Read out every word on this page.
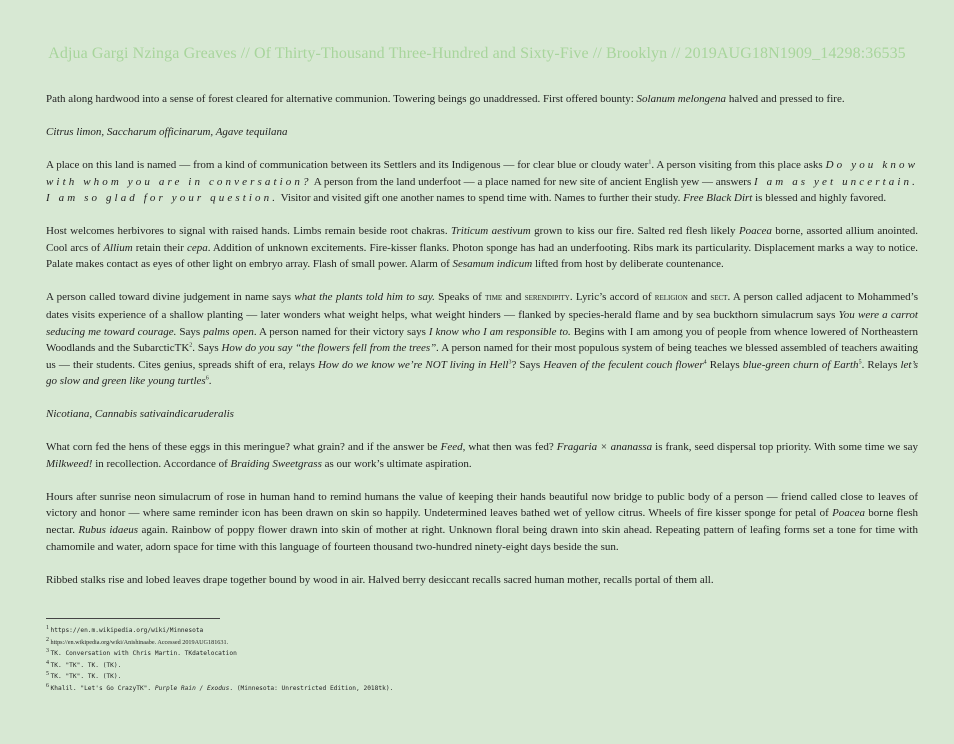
Adjua Gargi Nzinga Greaves // Of Thirty-Thousand Three-Hundred and Sixty-Five // Brooklyn // 2019AUG18N1909_14298:36535

Path along hardwood into a sense of forest cleared for alternative communion. Towering beings go unaddressed. First offered bounty: Solanum melongena halved and pressed to fire.

Citrus limon, Saccharum officinarum, Agave tequilana

A place on this land is named — from a kind of communication between its Settlers and its Indigenous — for clear blue or cloudy water$^1$. A person visiting from this place asks Do you know with whom you are in conversation? A person from the land underfoot — a place named for new site of ancient English yew — answers I am as yet uncertain. I am so glad for your question. Visitor and visited gift one another names to spend time with. Names to further their study. Free Black Dirt is blessed and highly favored.

Host welcomes herbivores to signal with raised hands. Limbs remain beside root chakras. Triticum aestivum grown to kiss our fire. Salted red flesh likely Poacea borne, assorted allium anointed. Cool arcs of Allium retain their cepa. Addition of unknown excitements. Fire-kisser flanks. Photon sponge has had an underfooting. Ribs mark its particularity. Displacement marks a way to notice. Palate makes contact as eyes of other light on embryo array. Flash of small power. Alarm of Sesamum indicum lifted from host by deliberate countenance.

A person called toward divine judgement in name says what the plants told him to say. Speaks of time and serendipity. Lyric’s accord of religion and sect. A person called adjacent to Mohammed’s dates visits experience of a shallow planting — later wonders what weight helps, what weight hinders — flanked by species-herald flame and by sea buckthorn simulacrum says You were a carrot seducing me toward courage. Says palms open. A person named for their victory says I know who I am responsible to. Begins with I am among you of people from whence lowered of Northeastern Woodlands and the SubarcticTK$^2$. Says How do you say “the flowers fell from the trees”. A person named for their most populous system of being teaches we blessed assembled of teachers awaiting us — their students. Cites genius, spreads shift of era, relays How do we know we’re NOT living in Hell$^3$? Says Heaven of the feculent couch flower$^4$ Relays blue-green churn of Earth$^5$. Relays let’s go slow and green like young turtles$^6$.

Nicotiana, Cannabis sativaindicaruderalis

What corn fed the hens of these eggs in this meringue? what grain? and if the answer be Feed, what then was fed? Fragaria × ananassa is frank, seed dispersal top priority. With some time we say Milkweed! in recollection. Accordance of Braiding Sweetgrass as our work’s ultimate aspiration.

Hours after sunrise neon simulacrum of rose in human hand to remind humans the value of keeping their hands beautiful now bridge to public body of a person — friend called close to leaves of victory and honor — where same reminder icon has been drawn on skin so happily. Undetermined leaves bathed wet of yellow citrus. Wheels of fire kisser sponge for petal of Poacea borne flesh nectar. Rubus idaeus again. Rainbow of poppy flower drawn into skin of mother at right. Unknown floral being drawn into skin ahead. Repeating pattern of leafing forms set a tone for time with chamomile and water, adorn space for time with this language of fourteen thousand two-hundred ninety-eight days beside the sun.

Ribbed stalks rise and lobed leaves drape together bound by wood in air. Halved berry desiccant recalls sacred human mother, recalls portal of them all.

$^1$ https://en.m.wikipedia.org/wiki/Minnesota
$^2$ https://en.wikipedia.org/wiki/Anishinaabe. Accessed 2019AUG181631.
$^3$ TK. Conversation with Chris Martin. TKdatelocation
$^4$ TK. "TK". TK. (TK).
$^5$ TK. "TK". TK. (TK).
$^6$ Khalil. "Let's Go CrazyTK". Purple Rain / Exodus. (Minnesota: Unrestricted Edition, 2018tk).
